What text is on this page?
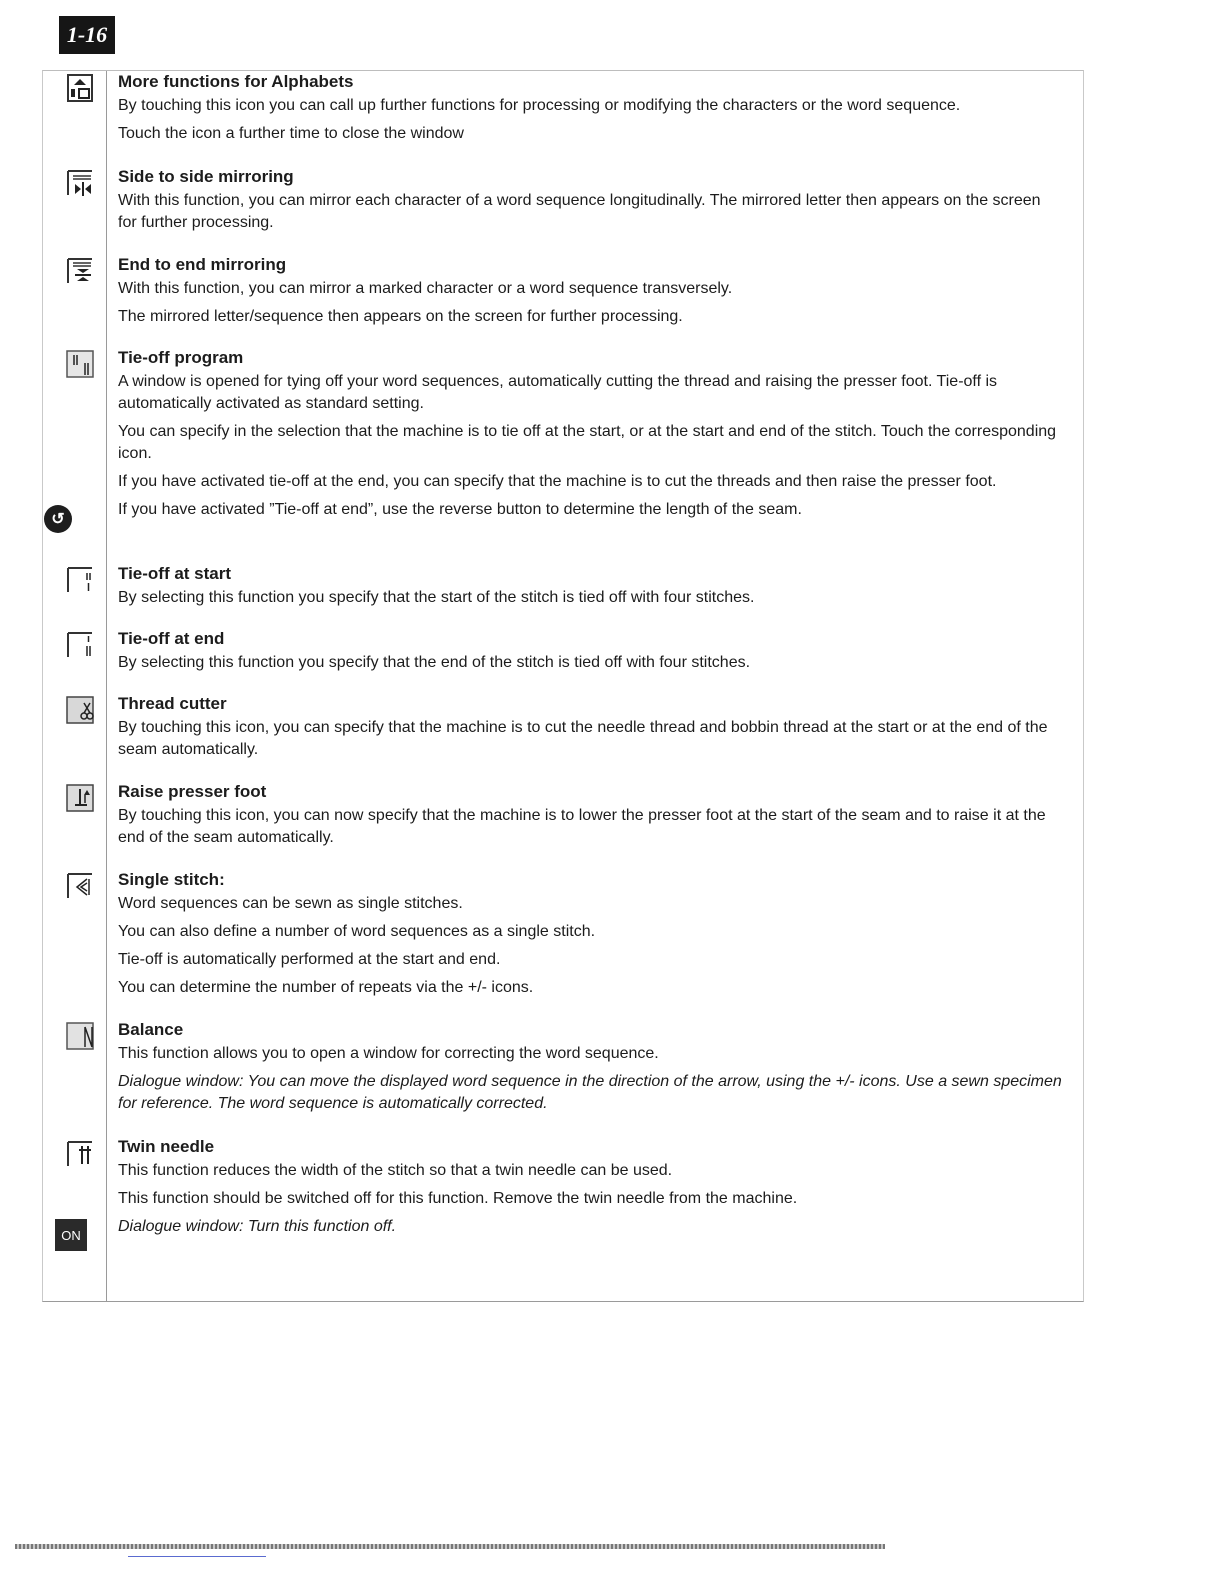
1-16
More functions for Alphabets

By touching this icon you can call up further functions for processing or modifying the characters or the word sequence.

Touch the icon a further time to close the window

Side to side mirroring

With this function, you can mirror each character of a word sequence longitudinally. The mirrored letter then appears on the screen for further processing.

End to end mirroring

With this function, you can mirror a marked character or a word sequence transversely.

The mirrored letter/sequence then appears on the screen for further processing.

Tie-off program

A window is opened for tying off your word sequences, automatically cutting the thread and raising the presser foot. Tie-off is automatically activated as standard setting.

You can specify in the selection that the machine is to tie off at the start, or at the start and end of the stitch. Touch the corresponding icon.

If you have activated tie-off at the end, you can specify that the machine is to cut the threads and then raise the presser foot.

If you have activated ”Tie-off at end”, use the reverse button to determine the length of the seam.

Tie-off at start

By selecting this function you specify that the start of the stitch is tied off with four stitches.

Tie-off at end

By selecting this function you specify that the end of the stitch is tied off with four stitches.

Thread cutter

By touching this icon, you can specify that the machine is to cut the needle thread and bobbin thread at the start or at the end of the seam automatically.

Raise presser foot

By touching this icon, you can now specify that the machine is to lower the presser foot at the start of the seam and to raise it at the end of the seam automatically.

Single stitch:

Word sequences can be sewn as single stitches.

You can also define a number of word sequences as a single stitch.

Tie-off is automatically performed at the start and end.

You can determine the number of repeats via the +/- icons.

Balance

This function allows you to open a window for correcting the word sequence.

Dialogue window: You can move the displayed word sequence in the direction of the arrow, using the +/- icons. Use a sewn specimen for reference. The word sequence is automatically corrected.

Twin needle

This function reduces the width of the stitch so that a twin needle can be used.

This function should be switched off for this function. Remove the twin needle from the machine.

Dialogue window: Turn this function off.

↺
ON
